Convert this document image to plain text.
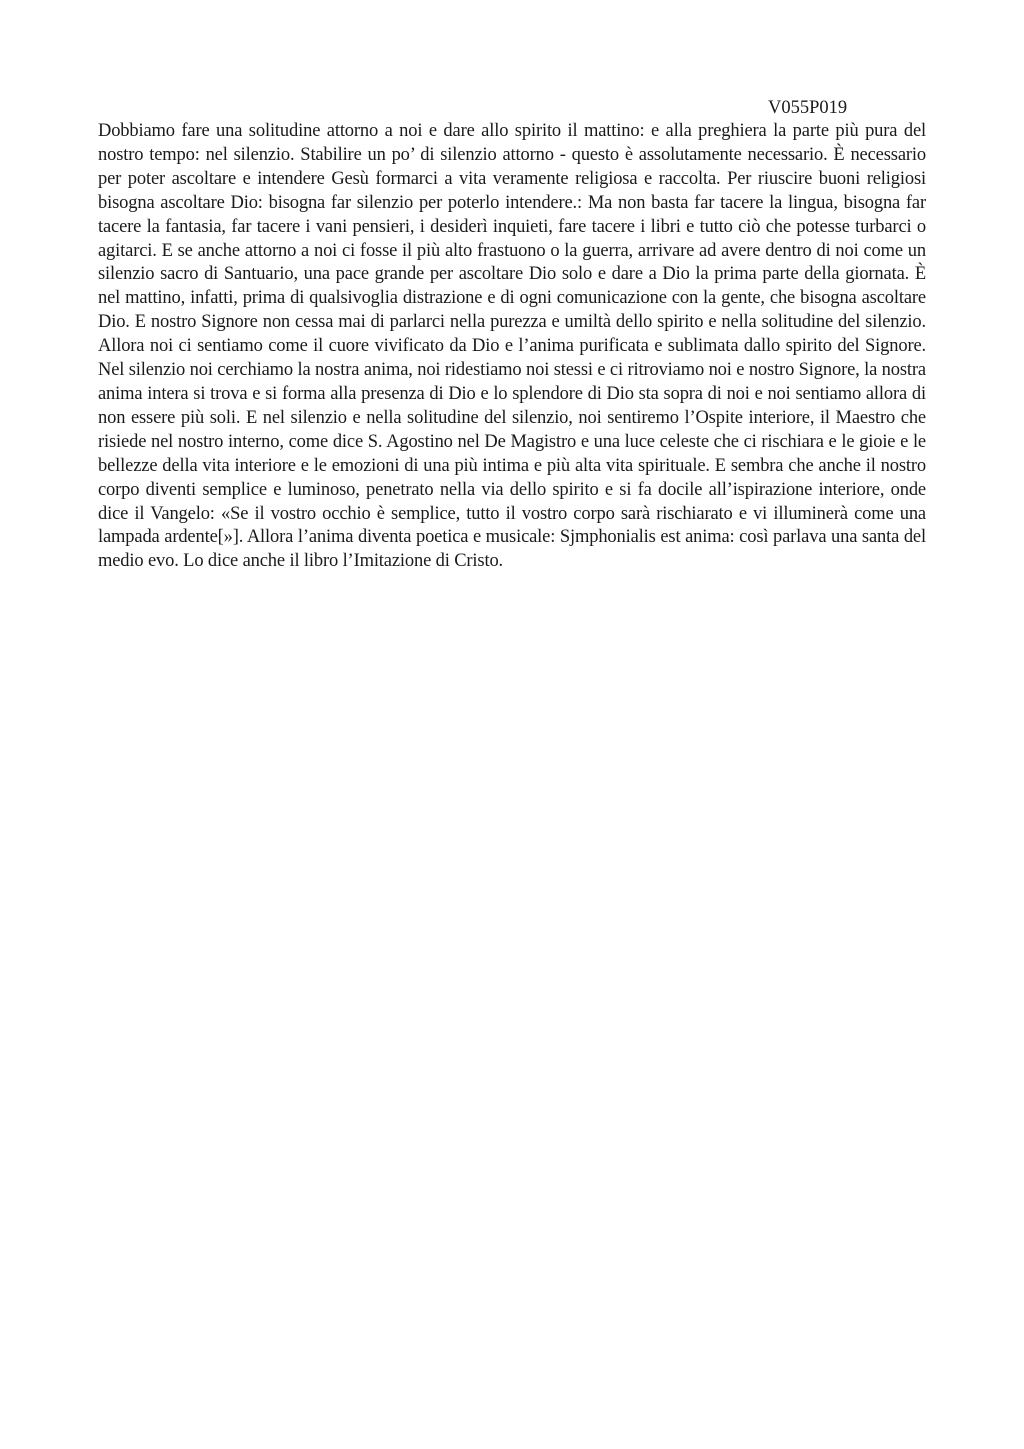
V055P019

Dobbiamo fare una solitudine attorno a noi e dare allo spirito il mattino: e alla preghiera la parte più pura del nostro tempo: nel silenzio. Stabilire un po’ di silenzio attorno - questo è assolutamente necessario. È necessario per poter ascoltare e intendere Gesù formarci a vita veramente religiosa e raccolta. Per riuscire buoni religiosi bisogna ascoltare Dio: bisogna far silenzio per poterlo intendere.: Ma non basta far tacere la lingua, bisogna far tacere la fantasia, far tacere i vani pensieri, i desiderì inquieti, fare tacere i libri e tutto ciò che potesse turbarci o agitarci. E se anche attorno a noi ci fosse il più alto frastuono o la guerra, arrivare ad avere dentro di noi come un silenzio sacro di Santuario, una pace grande per ascoltare Dio solo e dare a Dio la prima parte della giornata. È nel mattino, infatti, prima di qualsivoglia distrazione e di ogni comunicazione con la gente, che bisogna ascoltare Dio. E nostro Signore non cessa mai di parlarci nella purezza e umiltà dello spirito e nella solitudine del silenzio. Allora noi ci sentiamo come il cuore vivificato da Dio e l’anima purificata e sublimata dallo spirito del Signore. Nel silenzio noi cerchiamo la nostra anima, noi ridestiamo noi stessi e ci ritroviamo noi e nostro Signore, la nostra anima intera si trova e si forma alla presenza di Dio e lo splendore di Dio sta sopra di noi e noi sentiamo allora di non essere più soli. E nel silenzio e nella solitudine del silenzio, noi sentiremo l’Ospite interiore, il Maestro che risiede nel nostro interno, come dice S. Agostino nel De Magistro e una luce celeste che ci rischiara e le gioie e le bellezze della vita interiore e le emozioni di una più intima e più alta vita spirituale. E sembra che anche il nostro corpo diventi semplice e luminoso, penetrato nella via dello spirito e si fa docile all’ispirazione interiore, onde dice il Vangelo: «Se il vostro occhio è semplice, tutto il vostro corpo sarà rischiarato e vi illuminerà come una lampada ardente[»]. Allora l’anima diventa poetica e musicale: Sjmphonialis est anima: così parlava una santa del medio evo. Lo dice anche il libro l’Imitazione di Cristo.
